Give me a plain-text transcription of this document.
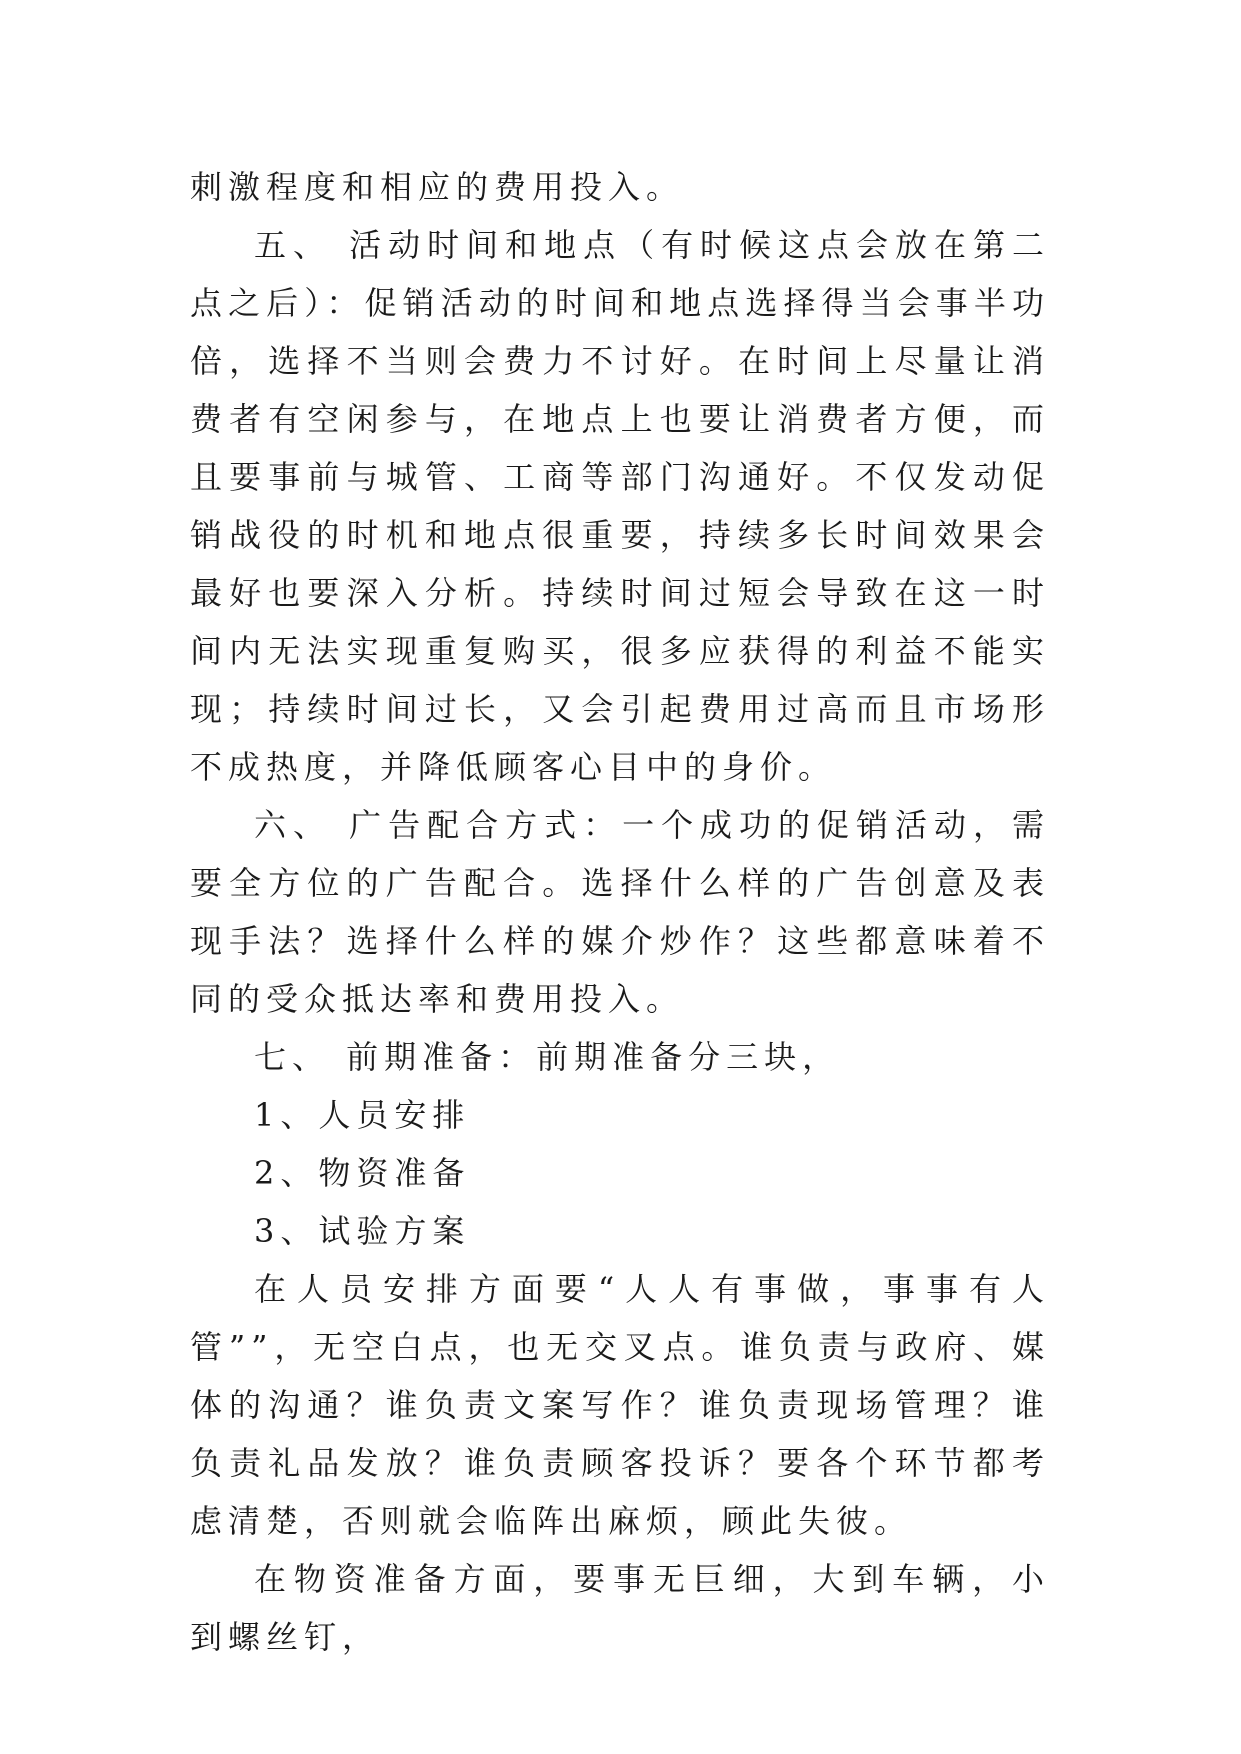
刺激程度和相应的费用投入。

五、 活动时间和地点（有时候这点会放在第二点之后）：促销活动的时间和地点选择得当会事半功倍，选择不当则会费力不讨好。在时间上尽量让消费者有空闲参与，在地点上也要让消费者方便，而且要事前与城管、工商等部门沟通好。不仅发动促销战役的时机和地点很重要，持续多长时间效果会最好也要深入分析。持续时间过短会导致在这一时间内无法实现重复购买，很多应获得的利益不能实现；持续时间过长，又会引起费用过高而且市场形不成热度，并降低顾客心目中的身价。

六、 广告配合方式：一个成功的促销活动，需要全方位的广告配合。选择什么样的广告创意及表现手法？选择什么样的媒介炒作？这些都意味着不同的受众抵达率和费用投入。

七、 前期准备：前期准备分三块，

1、人员安排

2、物资准备

3、试验方案

在人员安排方面要“人人有事做，事事有人管””，无空白点，也无交叉点。谁负责与政府、媒体的沟通？谁负责文案写作？谁负责现场管理？谁负责礼品发放？谁负责顾客投诉？要各个环节都考虑清楚，否则就会临阵出麻烦，顾此失彼。

在物资准备方面，要事无巨细，大到车辆，小到螺丝钉，
